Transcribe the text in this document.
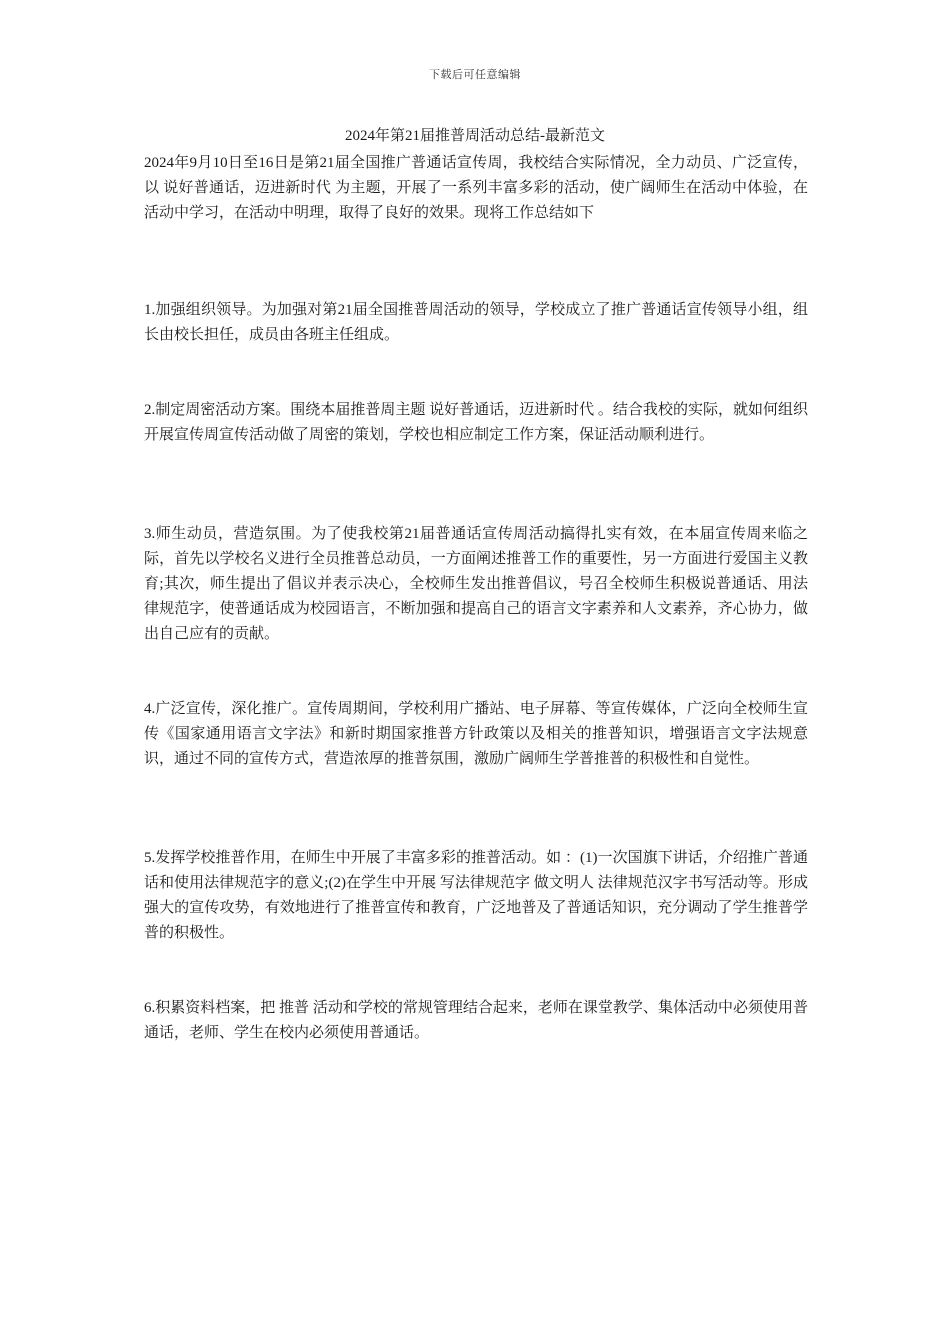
下载后可任意编辑
2024年第21届推普周活动总结-最新范文

2024年9月10日至16日是第21届全国推广普通话宣传周，我校结合实际情况，全力动员、广泛宣传，以 说好普通话，迈进新时代 为主题，开展了一系列丰富多彩的活动，使广阔师生在活动中体验，在活动中学习，在活动中明理，取得了良好的效果。现将工作总结如下

1.加强组织领导。为加强对第21届全国推普周活动的领导，学校成立了推广普通话宣传领导小组，组长由校长担任，成员由各班主任组成。

2.制定周密活动方案。围绕本届推普周主题 说好普通话，迈进新时代 。结合我校的实际，就如何组织开展宣传周宣传活动做了周密的策划，学校也相应制定工作方案，保证活动顺利进行。

3.师生动员，营造氛围。为了使我校第21届普通话宣传周活动搞得扎实有效，在本届宣传周来临之际，首先以学校名义进行全员推普总动员，一方面阐述推普工作的重要性，另一方面进行爱国主义教育;其次，师生提出了倡议并表示决心，全校师生发出推普倡议，号召全校师生积极说普通话、用法律规范字，使普通话成为校园语言，不断加强和提高自己的语言文字素养和人文素养，齐心协力，做出自己应有的贡献。

4.广泛宣传，深化推广。宣传周期间，学校利用广播站、电子屏幕、等宣传媒体，广泛向全校师生宣传《国家通用语言文字法》和新时期国家推普方针政策以及相关的推普知识，增强语言文字法规意识，通过不同的宣传方式，营造浓厚的推普氛围，激励广阔师生学普推普的积极性和自觉性。

5.发挥学校推普作用，在师生中开展了丰富多彩的推普活动。如 ：(1)一次国旗下讲话，介绍推广普通话和使用法律规范字的意义;(2)在学生中开展 写法律规范字 做文明人 法律规范汉字书写活动等。形成强大的宣传攻势，有效地进行了推普宣传和教育，广泛地普及了普通话知识，充分调动了学生推普学普的积极性。

6.积累资料档案，把 推普 活动和学校的常规管理结合起来，老师在课堂教学、集体活动中必须使用普通话，老师、学生在校内必须使用普通话。
